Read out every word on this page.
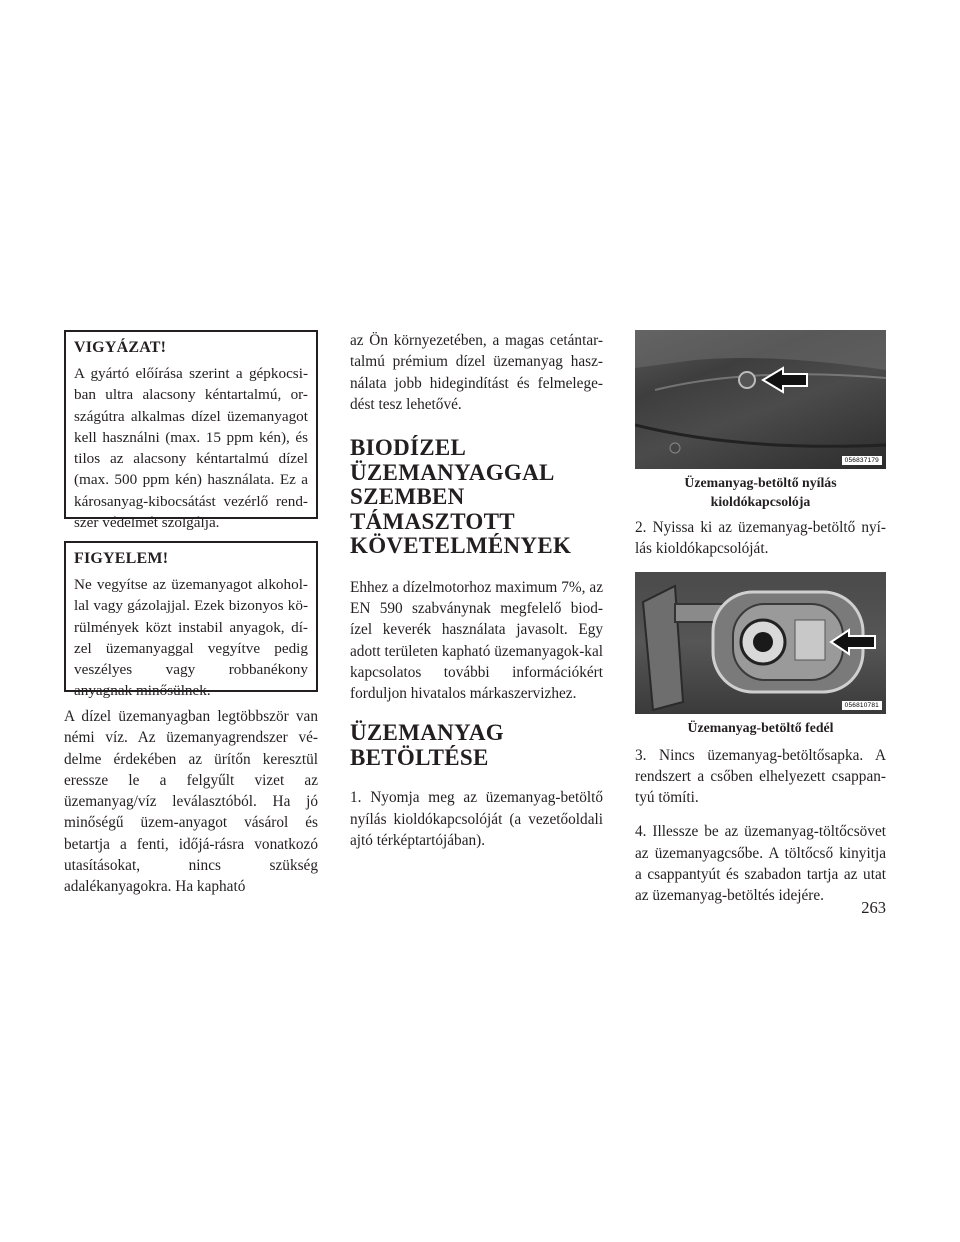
VIGYÁZAT!

A gyártó előírása szerint a gépkocsi-ban ultra alacsony kéntartalmú, or-szágútra alkalmas dízel üzemanyagot kell használni (max. 15 ppm kén), és tilos az alacsony kéntartalmú dízel (max. 500 ppm kén) használata. Ez a károsanyag-kibocsátást vezérlő rend-szer védelmét szolgálja.

FIGYELEM!

Ne vegyítse az üzemanyagot alkohol-lal vagy gázolajjal. Ezek bizonyos kö-rülmények közt instabil anyagok, dí-zel üzemanyaggal vegyítve pedig veszélyes vagy robbanékony anyagnak minősülnek.

A dízel üzemanyagban legtöbbször van némi víz. Az üzemanyagrendszer vé-delme érdekében az ürítőn keresztül eressze le a felgyűlt vizet az üzemanyag/víz leválasztóból. Ha jó minőségű üzem-anyagot vásárol és betartja a fenti, időjá-rásra vonatkozó utasításokat, nincs szükség adalékanyagokra. Ha kapható

az Ön környezetében, a magas cetántar-talmú prémium dízel üzemanyag hasz-nálata jobb hidegindítást és felmelege-dést tesz lehetővé.

BIODÍZEL
ÜZEMANYAGGAL
SZEMBEN
TÁMASZTOTT
KÖVETELMÉNYEK

Ehhez a dízelmotorhoz maximum 7%, az EN 590 szabványnak megfelelő biod-ízel keverék használata javasolt. Egy adott területen kapható üzemanyagok-kal kapcsolatos további információkért forduljon hivatalos márkaszervizhez.

ÜZEMANYAG
BETÖLTÉSE

1. Nyomja meg az üzemanyag-betöltő nyílás kioldókapcsolóját (a vezetőoldali ajtó térképtartójában).

056837179
Üzemanyag-betöltő nyílás kioldókapcsolója

2. Nyissa ki az üzemanyag-betöltő nyí-lás kioldókapcsolóját.

056810781
Üzemanyag-betöltő fedél

3. Nincs üzemanyag-betöltősapka. A rendszert a csőben elhelyezett csappan-tyú tömíti.

4. Illessze be az üzemanyag-töltőcsövet az üzemanyagcsőbe. A töltőcső kinyitja a csappantyút és szabadon tartja az utat az üzemanyag-betöltés idejére.

263
